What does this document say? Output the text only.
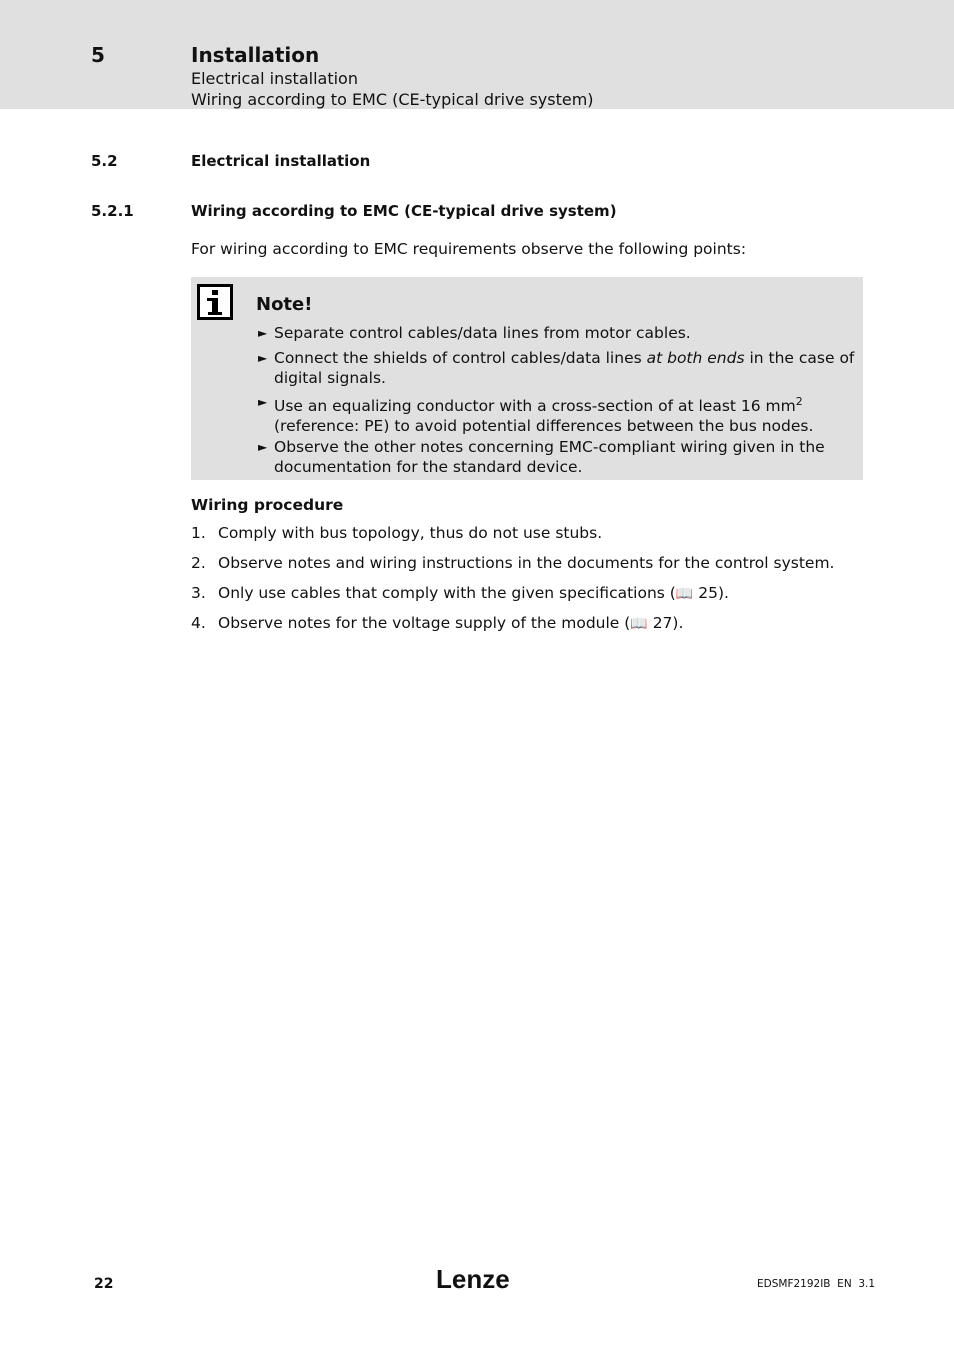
5	Installation
Electrical installation
Wiring according to EMC (CE-typical drive system)
5.2	Electrical installation
5.2.1	Wiring according to EMC (CE-typical drive system)
For wiring according to EMC requirements observe the following points:
Note!
► Separate control cables/data lines from motor cables.
► Connect the shields of control cables/data lines at both ends in the case of digital signals.
► Use an equalizing conductor with a cross-section of at least 16 $mm^2$ (reference: PE) to avoid potential differences between the bus nodes.
► Observe the other notes concerning EMC-compliant wiring given in the documentation for the standard device.
Wiring procedure
1. Comply with bus topology, thus do not use stubs.
2. Observe notes and wiring instructions in the documents for the control system.
3. Only use cables that comply with the given specifications (📖 25).
4. Observe notes for the voltage supply of the module (📖 27).
22	Lenze	EDSMF2192IB  EN  3.1
